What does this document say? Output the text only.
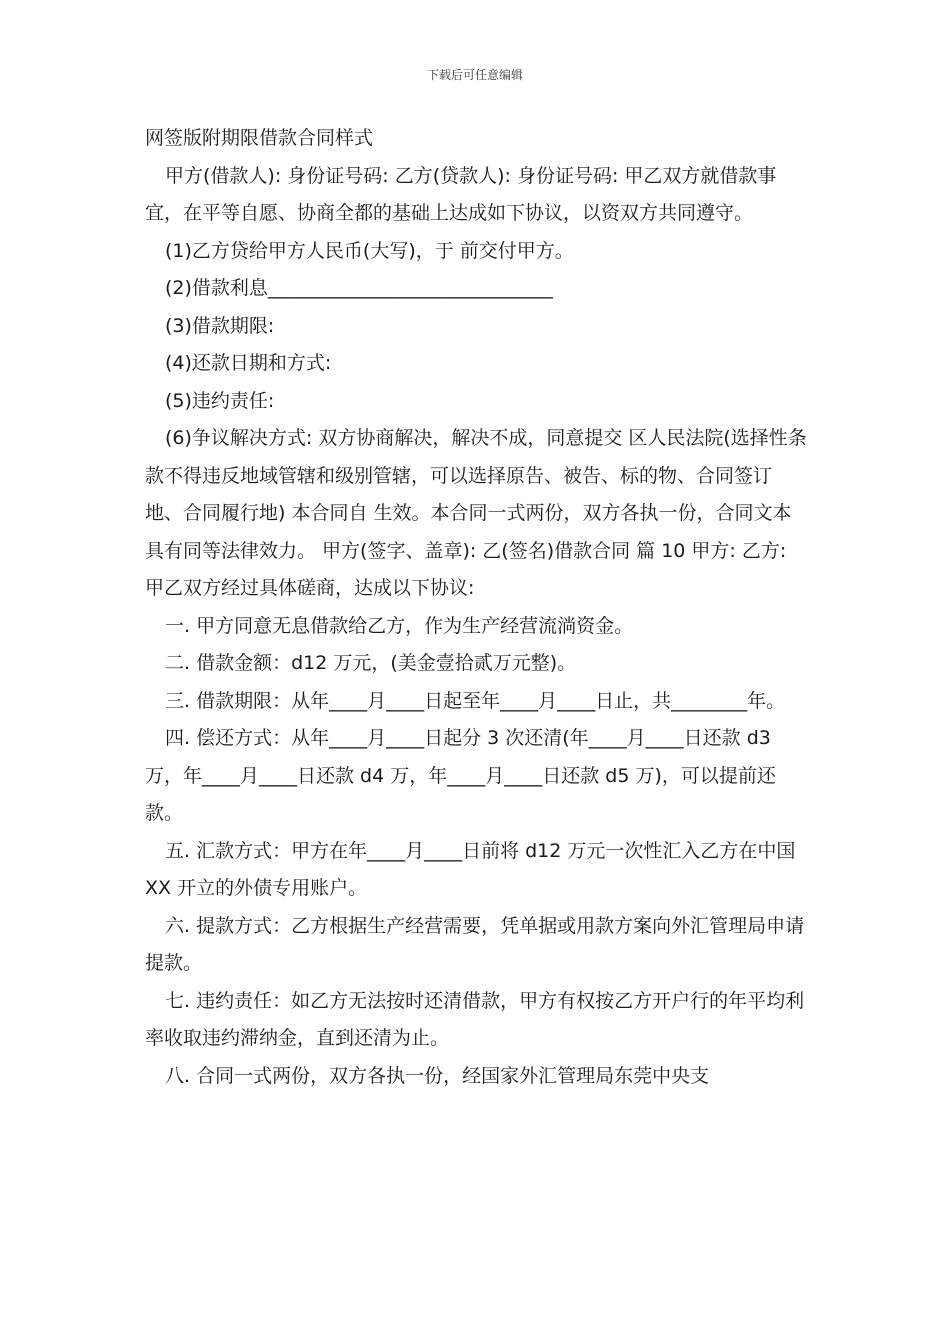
下载后可任意编辑

网签版附期限借款合同样式

甲方(借款人): 身份证号码: 乙方(贷款人): 身份证号码: 甲乙双方就借款事宜，在平等自愿、协商全都的基础上达成如下协议，以资双方共同遵守。

(1)乙方贷给甲方人民币(大写)，于 前交付甲方。

(2)借款利息______________________________

(3)借款期限:

(4)还款日期和方式:

(5)违约责任:

(6)争议解决方式: 双方协商解决，解决不成，同意提交 区人民法院(选择性条款不得违反地域管辖和级别管辖，可以选择原告、被告、标的物、合同签订地、合同履行地) 本合同自 生效。本合同一式两份，双方各执一份，合同文本具有同等法律效力。 甲方(签字、盖章): 乙(签名)借款合同 篇 10 甲方: 乙方: 甲乙双方经过具体磋商，达成以下协议:

一. 甲方同意无息借款给乙方，作为生产经营流淌资金。

二. 借款金额：d12 万元，(美金壹拾贰万元整)。

三. 借款期限：从年____月____日起至年____月____日止，共________年。

四. 偿还方式：从年____月____日起分 3 次还清(年____月____日还款 d3 万，年____月____日还款 d4 万，年____月____日还款 d5 万)，可以提前还款。

五. 汇款方式：甲方在年____月____日前将 d12 万元一次性汇入乙方在中国 XX 开立的外债专用账户。

六. 提款方式：乙方根据生产经营需要，凭单据或用款方案向外汇管理局申请提款。

七. 违约责任：如乙方无法按时还清借款，甲方有权按乙方开户行的年平均利率收取违约滞纳金，直到还清为止。

八. 合同一式两份，双方各执一份，经国家外汇管理局东莞中央支
